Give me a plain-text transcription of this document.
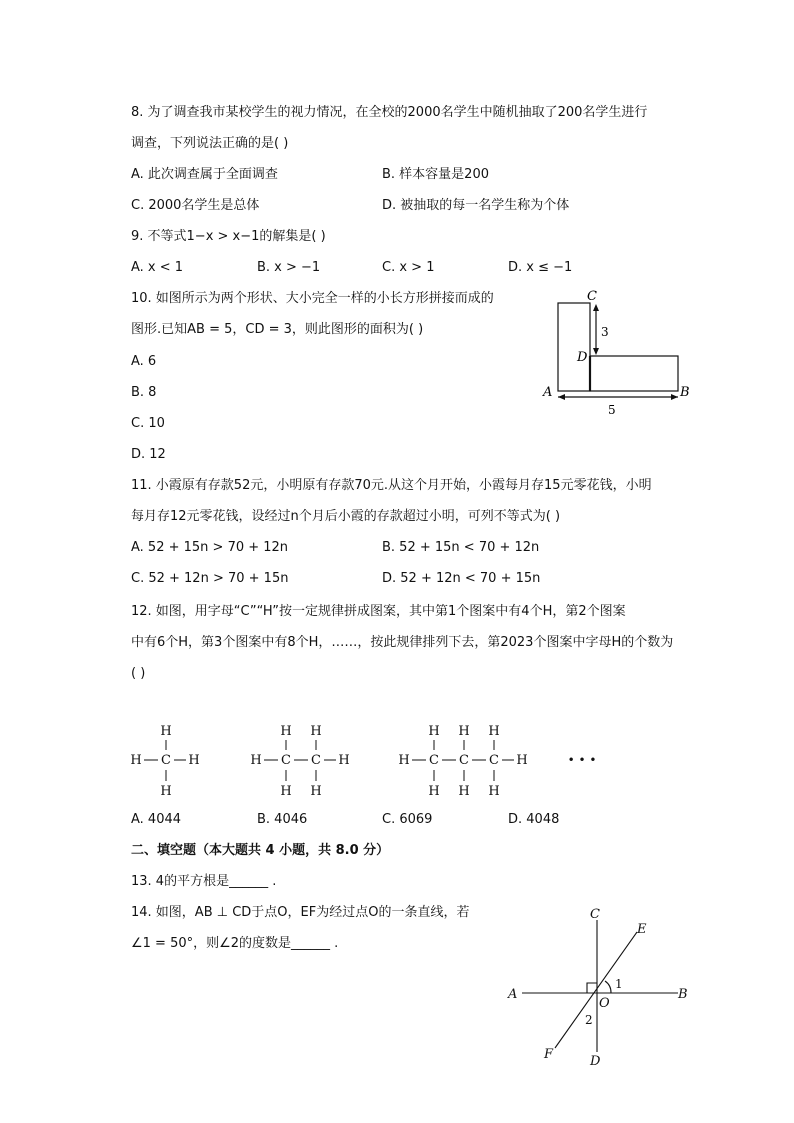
8. 为了调查我市某校学生的视力情况，在全校的2000名学生中随机抽取了200名学生进行
调查，下列说法正确的是( )
A. 此次调查属于全面调查	B. 样本容量是200
C. 2000名学生是总体	D. 被抽取的每一名学生称为个体
9. 不等式1−x > x−1的解集是( )
A. x < 1	B. x > −1	C. x > 1	D. x ≤ −1
10. 如图所示为两个形状、大小完全一样的小长方形拼接而成的
图形.已知AB = 5，CD = 3，则此图形的面积为( )
A. 6
B. 8
C. 10
D. 12
C
D
A	B
3
5
11. 小霞原有存款52元，小明原有存款70元.从这个月开始，小霞每月存15元零花钱，小明
每月存12元零花钱，设经过n个月后小霞的存款超过小明，可列不等式为( )
A. 52 + 15n > 70 + 12n	B. 52 + 15n < 70 + 12n
C. 52 + 12n > 70 + 15n	D. 52 + 12n < 70 + 15n
12. 如图，用字母“C”“H”按一定规律拼成图案，其中第1个图案中有4个H，第2个图案
中有6个H，第3个图案中有8个H，……，按此规律排列下去，第2023个图案中字母H的个数为
( )
H
H C H
H
H H
H C C H
H H
H H H
H C C C H
H H H
• • •
A. 4044	B. 4046	C. 6069	D. 4048
二、填空题（本大题共 4 小题，共 8.0 分）
13. 4的平方根是______ .
14. 如图，AB ⊥ CD于点O，EF为经过点O的一条直线，若
∠1 = 50°，则∠2的度数是______ .
A	B
C
D
E
F
O
1
2
